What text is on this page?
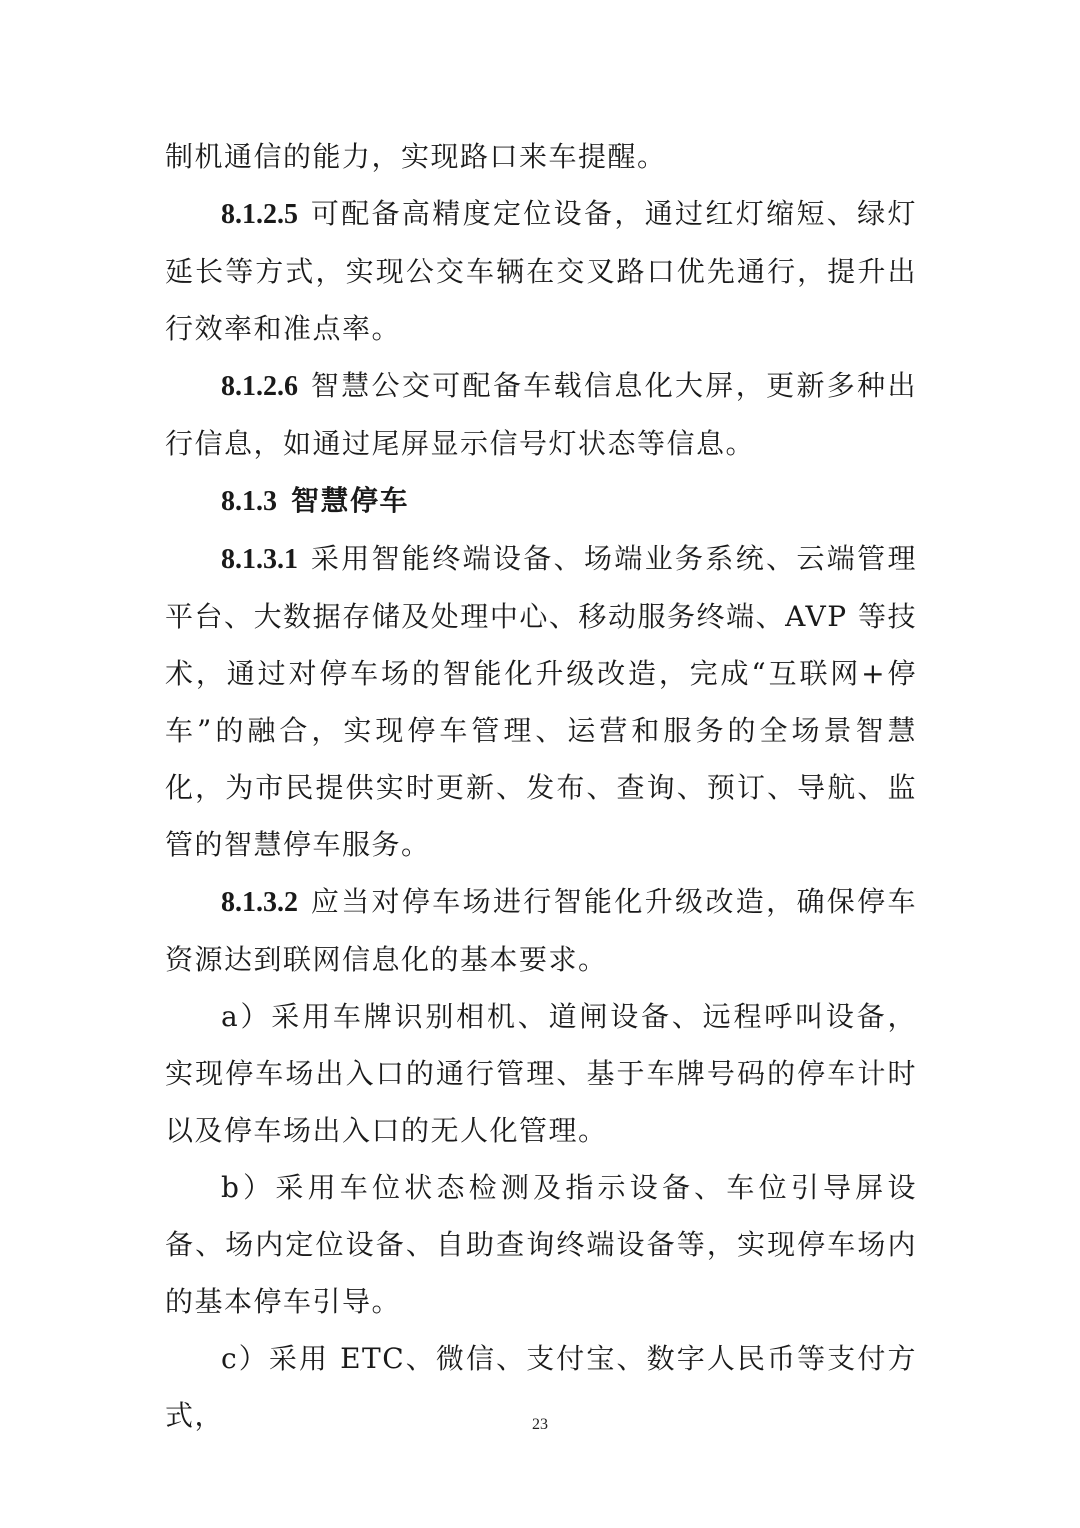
制机通信的能力，实现路口来车提醒。

8.1.2.5 可配备高精度定位设备，通过红灯缩短、绿灯延长等方式，实现公交车辆在交叉路口优先通行，提升出行效率和准点率。

8.1.2.6 智慧公交可配备车载信息化大屏，更新多种出行信息，如通过尾屏显示信号灯状态等信息。

8.1.3 智慧停车

8.1.3.1 采用智能终端设备、场端业务系统、云端管理平台、大数据存储及处理中心、移动服务终端、AVP 等技术，通过对停车场的智能化升级改造，完成“互联网+停车”的融合，实现停车管理、运营和服务的全场景智慧化，为市民提供实时更新、发布、查询、预订、导航、监管的智慧停车服务。

8.1.3.2 应当对停车场进行智能化升级改造，确保停车资源达到联网信息化的基本要求。

a）采用车牌识别相机、道闸设备、远程呼叫设备，实现停车场出入口的通行管理、基于车牌号码的停车计时以及停车场出入口的无人化管理。

b）采用车位状态检测及指示设备、车位引导屏设备、场内定位设备、自助查询终端设备等，实现停车场内的基本停车引导。

c）采用 ETC、微信、支付宝、数字人民币等支付方式，	23
